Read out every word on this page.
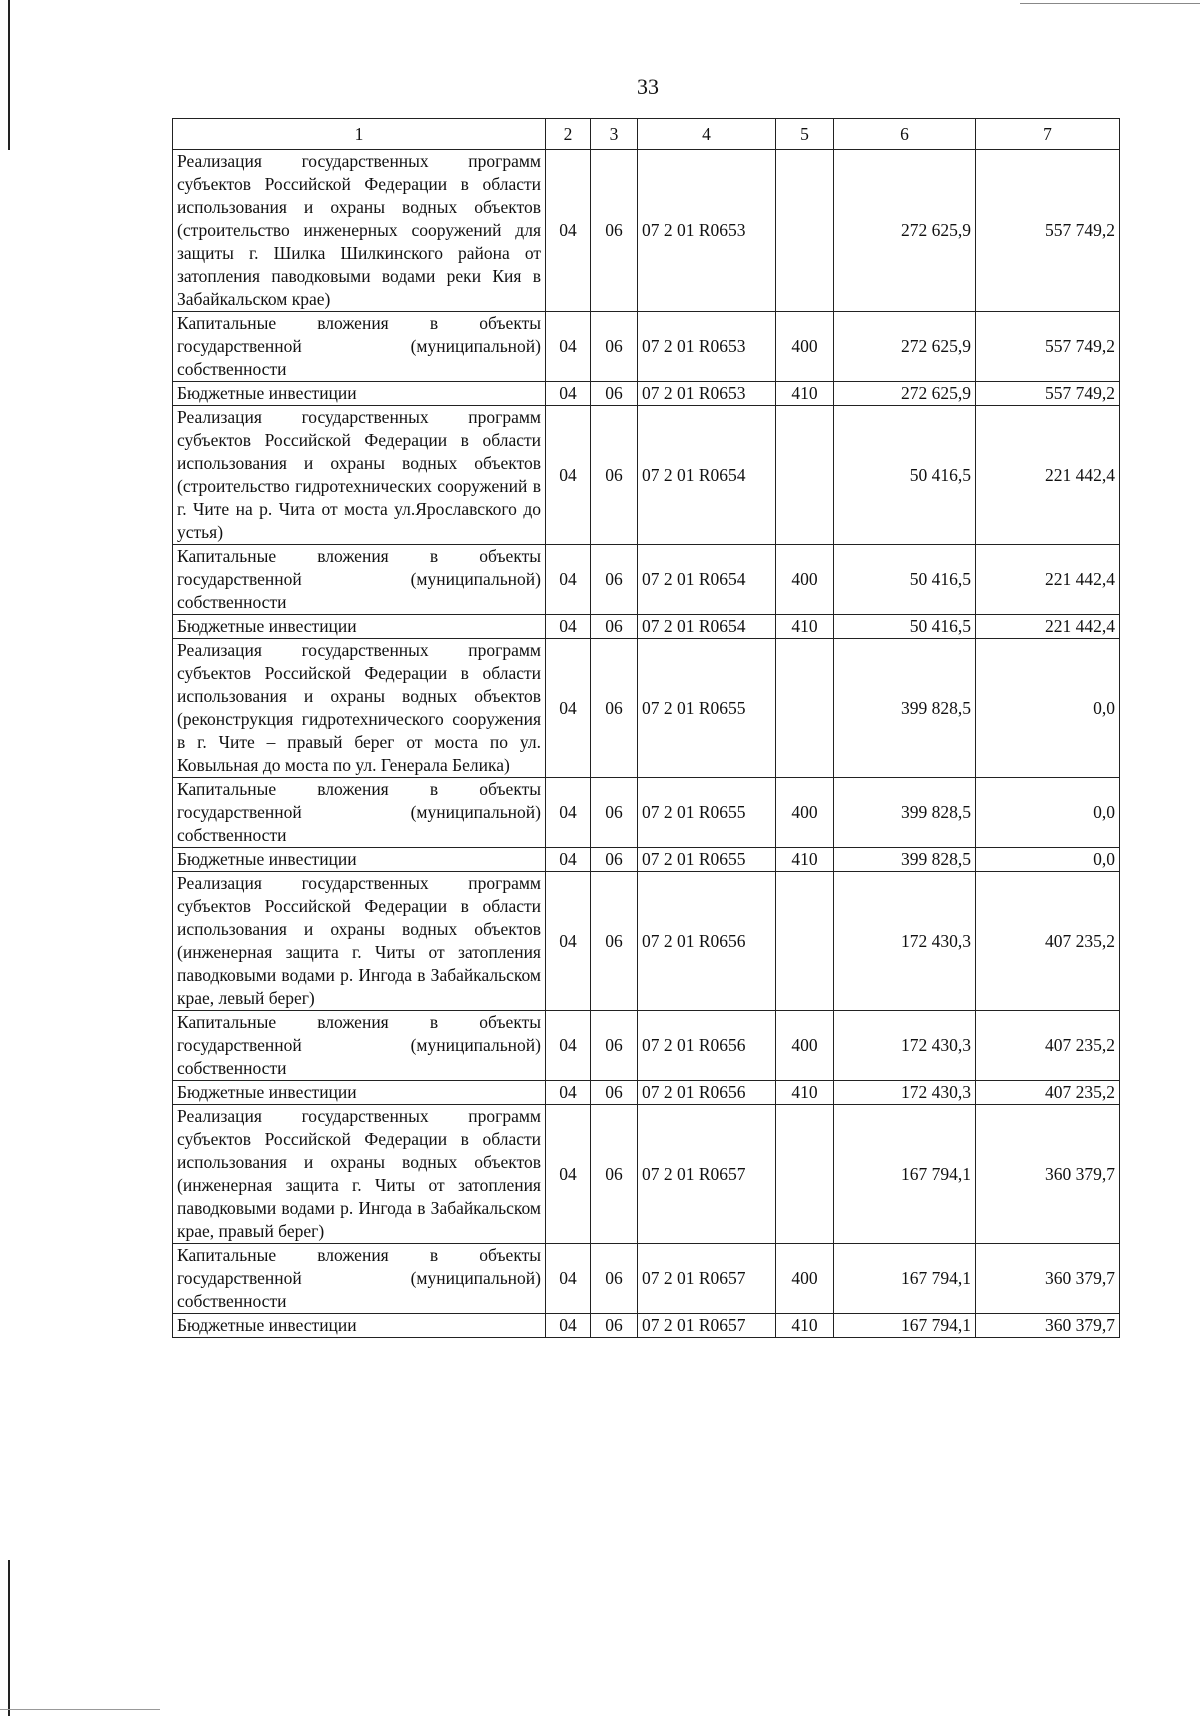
33
1	2	3	4	5	6	7
Реализация государственных программ субъектов Российской Федерации в области использования и охраны водных объектов (строительство инженерных сооружений для защиты г. Шилка Шилкинского района от затопления паводковыми водами реки Кия в Забайкальском крае)	04	06	07 2 01 R0653		272 625,9	557 749,2
Капитальные вложения в объекты государственной (муниципальной) собственности	04	06	07 2 01 R0653	400	272 625,9	557 749,2
Бюджетные инвестиции	04	06	07 2 01 R0653	410	272 625,9	557 749,2
Реализация государственных программ субъектов Российской Федерации в области использования и охраны водных объектов (строительство гидротехнических сооружений в г. Чите на р. Чита от моста ул.Ярославского до устья)	04	06	07 2 01 R0654		50 416,5	221 442,4
Капитальные вложения в объекты государственной (муниципальной) собственности	04	06	07 2 01 R0654	400	50 416,5	221 442,4
Бюджетные инвестиции	04	06	07 2 01 R0654	410	50 416,5	221 442,4
Реализация государственных программ субъектов Российской Федерации в области использования и охраны водных объектов (реконструкция гидротехнического сооружения в г. Чите – правый берег от моста по ул. Ковыльная до моста по ул. Генерала Белика)	04	06	07 2 01 R0655		399 828,5	0,0
Капитальные вложения в объекты государственной (муниципальной) собственности	04	06	07 2 01 R0655	400	399 828,5	0,0
Бюджетные инвестиции	04	06	07 2 01 R0655	410	399 828,5	0,0
Реализация государственных программ субъектов Российской Федерации в области использования и охраны водных объектов (инженерная защита г. Читы от затопления паводковыми водами р. Ингода в Забайкальском крае, левый берег)	04	06	07 2 01 R0656		172 430,3	407 235,2
Капитальные вложения в объекты государственной (муниципальной) собственности	04	06	07 2 01 R0656	400	172 430,3	407 235,2
Бюджетные инвестиции	04	06	07 2 01 R0656	410	172 430,3	407 235,2
Реализация государственных программ субъектов Российской Федерации в области использования и охраны водных объектов (инженерная защита г. Читы от затопления паводковыми водами р. Ингода в Забайкальском крае, правый берег)	04	06	07 2 01 R0657		167 794,1	360 379,7
Капитальные вложения в объекты государственной (муниципальной) собственности	04	06	07 2 01 R0657	400	167 794,1	360 379,7
Бюджетные инвестиции	04	06	07 2 01 R0657	410	167 794,1	360 379,7
